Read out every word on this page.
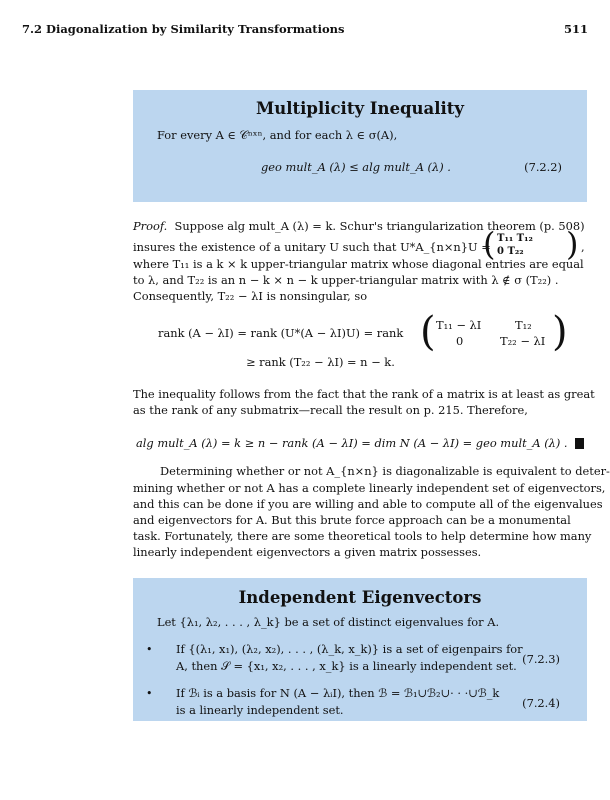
7.2 Diagonalization by Similarity Transformations	511
Multiplicity Inequality
For every A ∈ 𝒞ⁿˣⁿ, and for each λ ∈ σ(A),
geo mult_A (λ) ≤ alg mult_A (λ) .	(7.2.2)
Proof. Suppose alg mult_A (λ) = k. Schur's triangularization theorem (p. 508)
insures the existence of a unitary U such that U*A_{n×n}U =
( T₁₁ T₁₂
0 T₂₂ ) ,
where T₁₁ is a k × k upper-triangular matrix whose diagonal entries are equal
to λ, and T₂₂ is an n − k × n − k upper-triangular matrix with λ ∉ σ (T₂₂) .
Consequently, T₂₂ − λI is nonsingular, so
rank (A − λI) = rank (U*(A − λI)U) = rank ( T₁₁ − λI	T₁₂
0	T₂₂ − λI )
≥ rank (T₂₂ − λI) = n − k.
The inequality follows from the fact that the rank of a matrix is at least as great
as the rank of any submatrix—recall the result on p. 215. Therefore,
alg mult_A (λ) = k ≥ n − rank (A − λI) = dim N (A − λI) = geo mult_A (λ) .
Determining whether or not A_{n×n} is diagonalizable is equivalent to deter-
mining whether or not A has a complete linearly independent set of eigenvectors,
and this can be done if you are willing and able to compute all of the eigenvalues
and eigenvectors for A. But this brute force approach can be a monumental
task. Fortunately, there are some theoretical tools to help determine how many
linearly independent eigenvectors a given matrix possesses.
Independent Eigenvectors
Let {λ₁, λ₂, . . . , λ_k} be a set of distinct eigenvalues for A.
• If {(λ₁, x₁), (λ₂, x₂), . . . , (λ_k, x_k)} is a set of eigenpairs for
A, then 𝒮 = {x₁, x₂, . . . , x_k} is a linearly independent set. (7.2.3)
• If ℬᵢ is a basis for N (A − λᵢI), then ℬ = ℬ₁∪ℬ₂∪· · ·∪ℬ_k
is a linearly independent set.	(7.2.4)
